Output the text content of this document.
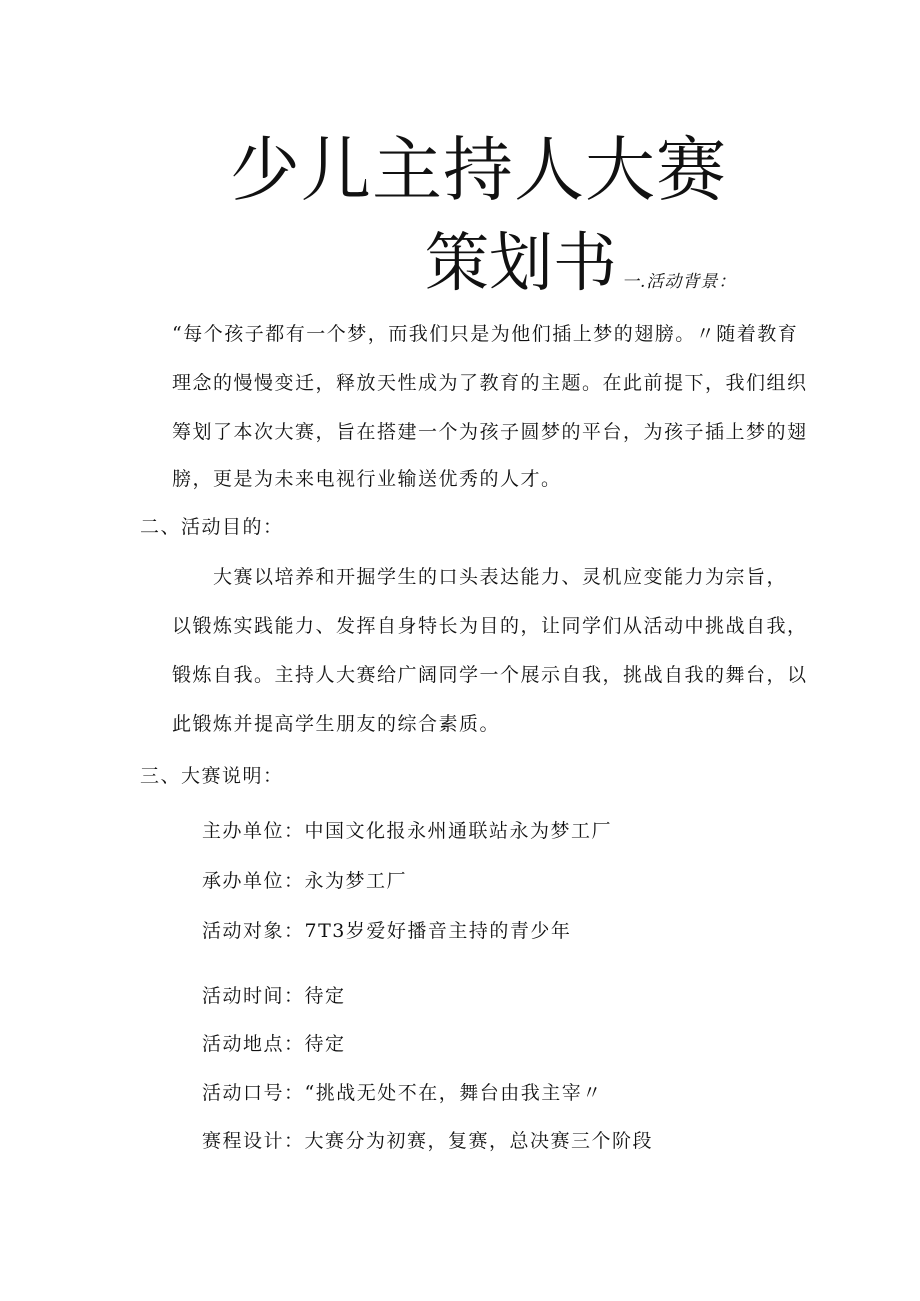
少儿主持人大赛
策划书 一.活动背景：
“每个孩子都有一个梦，而我们只是为他们插上梦的翅膀。〃随着教育
理念的慢慢变迁，释放天性成为了教育的主题。在此前提下，我们组织
筹划了本次大赛，旨在搭建一个为孩子圆梦的平台，为孩子插上梦的翅
膀，更是为未来电视行业输送优秀的人才。
二、活动目的：
大赛以培养和开掘学生的口头表达能力、灵机应变能力为宗旨，
以锻炼实践能力、发挥自身特长为目的，让同学们从活动中挑战自我，
锻炼自我。主持人大赛给广阔同学一个展示自我，挑战自我的舞台，以
此锻炼并提高学生朋友的综合素质。
三、大赛说明：
主办单位：中国文化报永州通联站永为梦工厂
承办单位：永为梦工厂
活动对象：7T3岁爱好播音主持的青少年
活动时间：待定
活动地点：待定
活动口号：“挑战无处不在，舞台由我主宰〃
赛程设计：大赛分为初赛，复赛，总决赛三个阶段
